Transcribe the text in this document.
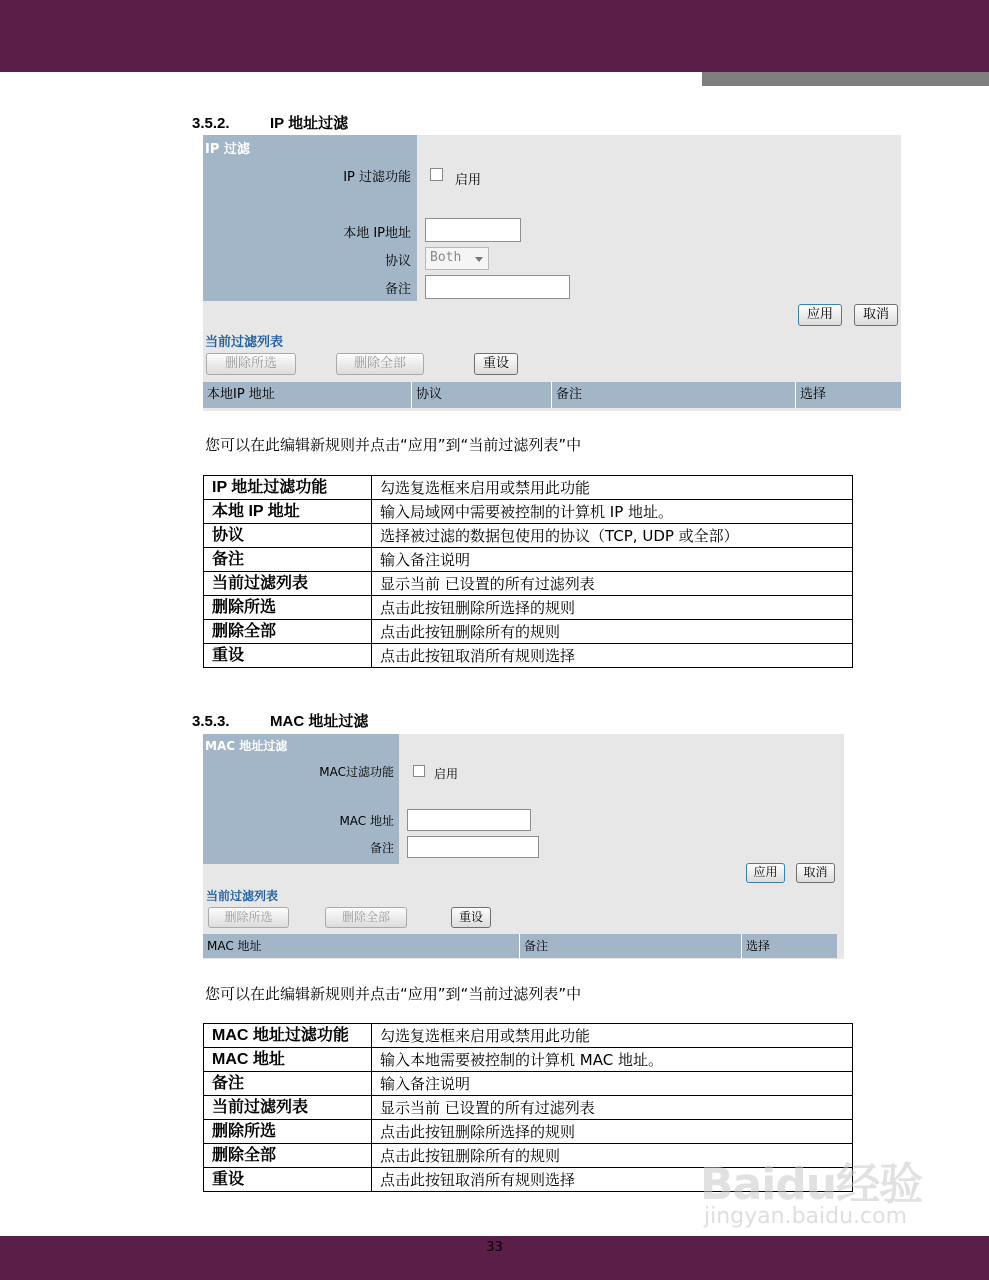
3.5.2.	IP 地址过滤
IP 过滤
IP 过滤功能	启用
本地 IP地址
协议	Both
备注
应用	取消
当前过滤列表
删除所选	删除全部	重设
本地IP 地址	协议	备注	选择
您可以在此编辑新规则并点击“应用”到“当前过滤列表”中
IP 地址过滤功能	勾选复选框来启用或禁用此功能
本地 IP 地址	输入局域网中需要被控制的计算机 IP 地址。
协议	选择被过滤的数据包使用的协议（TCP, UDP 或全部）
备注	输入备注说明
当前过滤列表	显示当前 已设置的所有过滤列表
删除所选	点击此按钮删除所选择的规则
删除全部	点击此按钮删除所有的规则
重设	点击此按钮取消所有规则选择
3.5.3.	MAC 地址过滤
MAC 地址过滤
MAC过滤功能	启用
MAC 地址
备注
应用	取消
当前过滤列表
删除所选	删除全部	重设
MAC 地址	备注	选择
您可以在此编辑新规则并点击“应用”到“当前过滤列表”中
MAC 地址过滤功能	勾选复选框来启用或禁用此功能
MAC 地址	输入本地需要被控制的计算机 MAC 地址。
备注	输入备注说明
当前过滤列表	显示当前 已设置的所有过滤列表
删除所选	点击此按钮删除所选择的规则
删除全部	点击此按钮删除所有的规则
重设	点击此按钮取消所有规则选择	Baidu经验
jingyan.baidu.com
33
